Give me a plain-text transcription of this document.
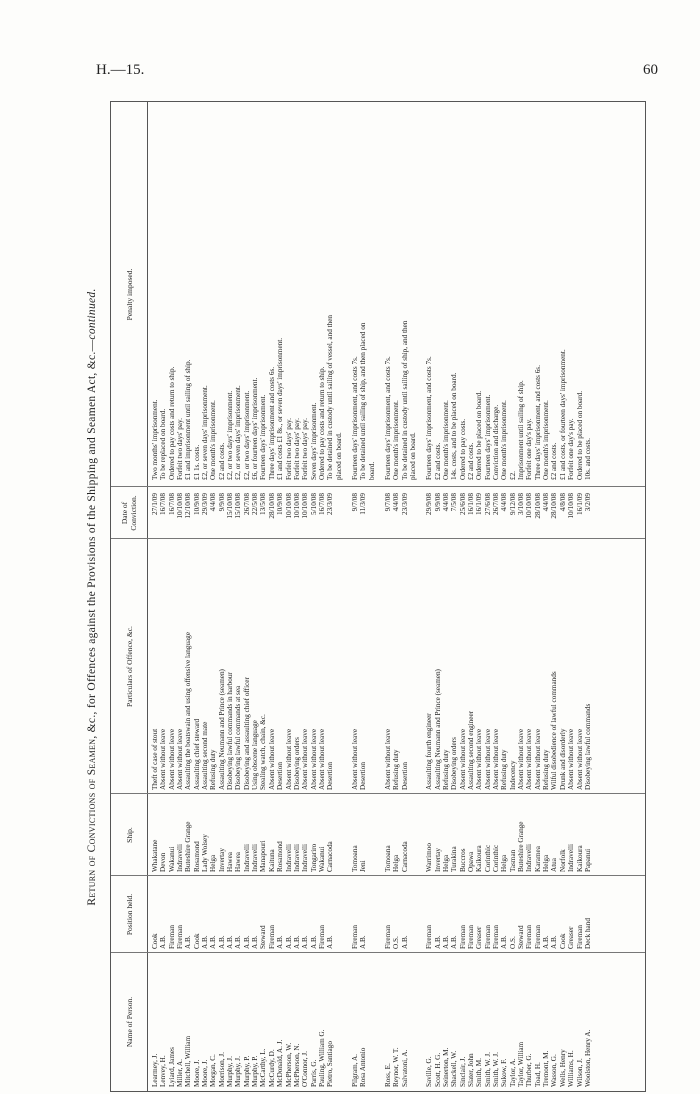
H.—15.	60
Return of Convictions of Seamen, &c., for Offences against the Provisions of the Shipping and Seamen Act, &c.—continued.
Name of Person.
Position held.
Ship.
Particulars of Offence, &c.
Date of Conviction.
Penalty imposed.
Learmey, J.
Cook
Whakatane
Theft of case of stout
27/1/09
Two months' imprisonment.
Lenvey, H.
A.B.
Devon
Absent without leave
16/7/08
To be replaced on board.
Lyiard, James
Fireman
Wakanui
Absent without leave
16/7/08
Ordered to pay costs and return to ship.
Miller, A.
Fireman
Indravelli
Absent without leave
10/10/08
Forfeit two days' pay.
Mitchell, William
A.B.
Buteshire Grange
Assaulting the boatswain and using offensive language
12/10/08
£1 and imprisonment until sailing of ship.
Moore, J.
Cook
Rosamond
Assaulting chief steward
10/9/08
£1 1s. costs.
Moore, J.
A.B.
Lady Wolsey
Assaulting second mate
29/3/09
£2, or seven days' imprisonment.
Morgan, C.
A.B.
Helga
Refusing duty
4/4/08
One month's imprisonment.
Morrison, J.
A.B.
Invertay
Assaulting Neumann and Prince (seamen)
9/9/08
£2 and costs.
Murphy, J.
A.B.
Hawea
Disobeying lawful commands in harbour
15/10/08
£2, or two days' imprisonment.
Murphy, J.
A.B.
Hawea
Disobeying lawful commands at sea
15/10/08
£2, or seven days' imprisonment.
Murphy, P.
A.B.
Indravelli
Disobeying and assaulting chief officer
26/7/08
£2, or two days' imprisonment.
Murphy, P.
A.B.
Indravelli
Using obscene language
22/5/08
£6, or fourteen days' imprisonment.
McCarthy, L.
Steward
Manapouri
Stealing watch, chain, &c.
13/5/08
Fourteen days' imprisonment.
McCurdy, D.
Fireman
Kaituna
Absent without leave
28/10/08
Three days' imprisonment and costs 6s.
McDonald, A. J.
A.B.
Rosamond
Desertion
10/9/08
£1 and costs £1 8s., or seven days' imprisonment.
McPherson, W.
A.B.
Indravelli
Absent without leave
10/10/08
Forfeit two days' pay.
McPherson, N.
A.B.
Indravelli
Disobeying orders
10/10/08
Forfeit two days' pay.
O'Connor, J.
A.B.
Indravelli
Absent without leave
10/10/08
Forfeit two days' pay.
Parris, G.
A.B.
Tongariro
Absent without leave
5/10/08
Seven days' imprisonment.
Pauling, William G.
Fireman
Wakanui
Absent without leave
16/7/08
Ordered to pay costs and return to ship.
Pietro, Santiago
A.B.
Carnacoda
Desertion
23/3/09
To be detained in custody until sailing of vessel, and then placed on board.
Pilgram, A.
Fireman
Tomoana
Absent without leave
9/7/08
Fourteen days' imprisonment, and costs 7s.
Rosa Antonio
A.B.
Jeni
Desertion
11/3/09
To be detained until sailing of ship, and then placed on board.
Ross, E.
Fireman
Tomoana
Absent without leave
9/7/08
Fourteen days' imprisonment, and costs 7s.
Reynor, W. T.
O.S.
Helga
Refusing duty
4/4/08
One month's imprisonment.
Salvatoni, A.
A.B.
Carnacoda
Desertion
23/3/09
To be detained in custody until sailing of ship, and then placed on board.
Saville, G.
Fireman
Warrimoo
Assaulting fourth engineer
29/9/08
Fourteen days' imprisonment, and costs 7s.
Scott, H. G.
A.B.
Invertay
Assaulting Neumann and Prince (seamen)
9/9/08
£2 and costs.
Seinerton, M.
A.B.
Helga
Refusing duty
4/4/08
One month's imprisonment.
Shackell, W.
A.B.
Turakina
Disobeying orders
7/5/08
14s. costs, and to be placed on board.
Sinclair, J.
Fireman
Buccros
Absent without leave
25/6/08
Ordered to pay costs.
Slater, John
Fireman
Opawa
Assaulting second engineer
16/1/08
£2 and costs.
Smith, M.
Greaser
Kaikoura
Absent without leave
16/1/09
Ordered to be placed on board.
Smith, W. J.
Fireman
Corinthic
Absent without leave
27/6/08
Fourteen days' imprisonment.
Smith, W. J.
Fireman
Corinthic
Absent without leave
26/7/08
Conviction and discharge.
Sukow, F.
A.B.
Helga
Refusing duty
4/4/08
One month's imprisonment.
Taylor, A.
O.S.
Tasman
Indecency
9/12/08
£2.
Taylor, William
Steward
Buteshire Grange
Absent without leave
3/10/08
Imprisonment until sailing of ship.
Thurber, G.
Fireman
Indravelli
Absent without leave
10/10/08
Forfeit one day's pay.
Toad, H.
Fireman
Karamea
Absent without leave
28/10/08
Three days' imprisonment, and costs 6s.
Tremont, M.
A.B.
Helga
Refusing duty
4/4/08
One month's imprisonment.
Wasson, G.
A.B.
Atua
Wilful disobedience of lawful commands
28/10/08
£2 and costs.
Wells, Henry
Cook
Norfolk
Drunk and disorderly
4/8/08
£1 and costs, or fourteen days' imprisonment.
Williams, H.
Greaser
Indravelli
Absent without leave
10/10/08
Forfeit one day's pay.
Wilson, J.
Fireman
Kaikoura
Absent without leave
16/1/09
Ordered to be placed on board.
Woolston, Henry A.
Deck hand
Papanui
Disobeying lawful commands
3/2/09
10s. and costs.
